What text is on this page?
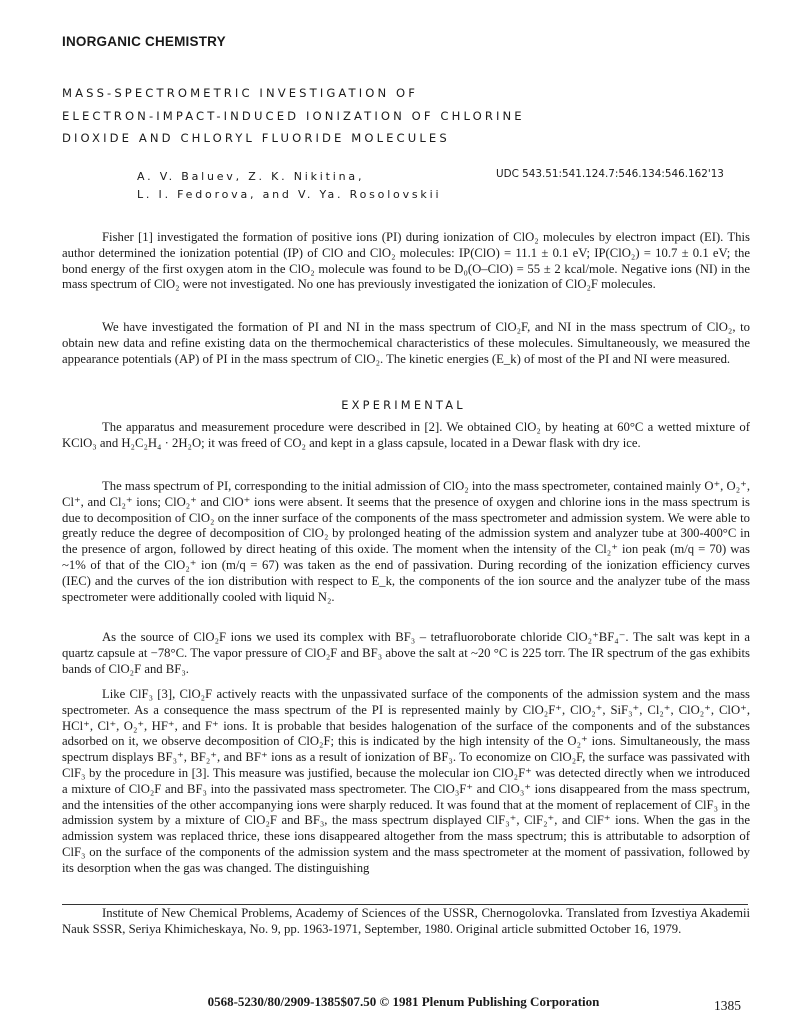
INORGANIC CHEMISTRY
MASS-SPECTROMETRIC INVESTIGATION OF
ELECTRON-IMPACT-INDUCED IONIZATION OF CHLORINE
DIOXIDE AND CHLORYL FLUORIDE MOLECULES
A. V. Baluev, Z. K. Nikitina,
L. I. Fedorova, and V. Ya. Rosolovskii
UDC 543.51:541.124.7:546.134:546.162'13

Fisher [1] investigated the formation of positive ions (PI) during ionization of ClO₂ molecules by electron impact (EI). This author determined the ionization potential (IP) of ClO and ClO₂ molecules: IP(ClO) = 11.1 ± 0.1 eV; IP(ClO₂) = 10.7 ± 0.1 eV; the bond energy of the first oxygen atom in the ClO₂ molecule was found to be D₀(O–ClO) = 55 ± 2 kcal/mole. Negative ions (NI) in the mass spectrum of ClO₂ were not investigated. No one has previously investigated the ionization of ClO₂F molecules.

We have investigated the formation of PI and NI in the mass spectrum of ClO₂F, and NI in the mass spectrum of ClO₂, to obtain new data and refine existing data on the thermochemical characteristics of these molecules. Simultaneously, we measured the appearance potentials (AP) of PI in the mass spectrum of ClO₂. The kinetic energies (E_k) of most of the PI and NI were measured.

EXPERIMENTAL

The apparatus and measurement procedure were described in [2]. We obtained ClO₂ by heating at 60°C a wetted mixture of KClO₃ and H₂C₂H₄ · 2H₂O; it was freed of CO₂ and kept in a glass capsule, located in a Dewar flask with dry ice.

The mass spectrum of PI, corresponding to the initial admission of ClO₂ into the mass spectrometer, contained mainly O⁺, O₂⁺, Cl⁺, and Cl₂⁺ ions; ClO₂⁺ and ClO⁺ ions were absent. It seems that the presence of oxygen and chlorine ions in the mass spectrum is due to decomposition of ClO₂ on the inner surface of the components of the mass spectrometer and admission system. We were able to greatly reduce the degree of decomposition of ClO₂ by prolonged heating of the admission system and analyzer tube at 300-400°C in the presence of argon, followed by direct heating of this oxide. The moment when the intensity of the Cl₂⁺ ion peak (m/q = 70) was ~1% of that of the ClO₂⁺ ion (m/q = 67) was taken as the end of passivation. During recording of the ionization efficiency curves (IEC) and the curves of the ion distribution with respect to E_k, the components of the ion source and the analyzer tube of the mass spectrometer were additionally cooled with liquid N₂.

As the source of ClO₂F ions we used its complex with BF₃ – tetrafluoroborate chloride ClO₂⁺BF₄⁻. The salt was kept in a quartz capsule at −78°C. The vapor pressure of ClO₂F and BF₃ above the salt at ~20 °C is 225 torr. The IR spectrum of the gas exhibits bands of ClO₂F and BF₃.

Like ClF₃ [3], ClO₂F actively reacts with the unpassivated surface of the components of the admission system and the mass spectrometer. As a consequence the mass spectrum of the PI is represented mainly by ClO₂F⁺, ClO₂⁺, SiF₃⁺, Cl₂⁺, ClO₂⁺, ClO⁺, HCl⁺, Cl⁺, O₂⁺, HF⁺, and F⁺ ions. It is probable that besides halogenation of the surface of the components and of the substances adsorbed on it, we observe decomposition of ClO₂F; this is indicated by the high intensity of the O₂⁺ ions. Simultaneously, the mass spectrum displays BF₃⁺, BF₂⁺, and BF⁺ ions as a result of ionization of BF₃. To economize on ClO₂F, the surface was passivated with ClF₃ by the procedure in [3]. This measure was justified, because the molecular ion ClO₂F⁺ was detected directly when we introduced a mixture of ClO₂F and BF₃ into the passivated mass spectrometer. The ClO₃F⁺ and ClO₃⁺ ions disappeared from the mass spectrum, and the intensities of the other accompanying ions were sharply reduced. It was found that at the moment of replacement of ClF₃ in the admission system by a mixture of ClO₂F and BF₃, the mass spectrum displayed ClF₃⁺, ClF₂⁺, and ClF⁺ ions. When the gas in the admission system was replaced thrice, these ions disappeared altogether from the mass spectrum; this is attributable to adsorption of ClF₃ on the surface of the components of the admission system and the mass spectrometer at the moment of passivation, followed by its desorption when the gas was changed. The distinguishing

Institute of New Chemical Problems, Academy of Sciences of the USSR, Chernogolovka. Translated from Izvestiya Akademii Nauk SSSR, Seriya Khimicheskaya, No. 9, pp. 1963-1971, September, 1980. Original article submitted October 16, 1979.

0568-5230/80/2909-1385$07.50 © 1981 Plenum Publishing Corporation	1385
